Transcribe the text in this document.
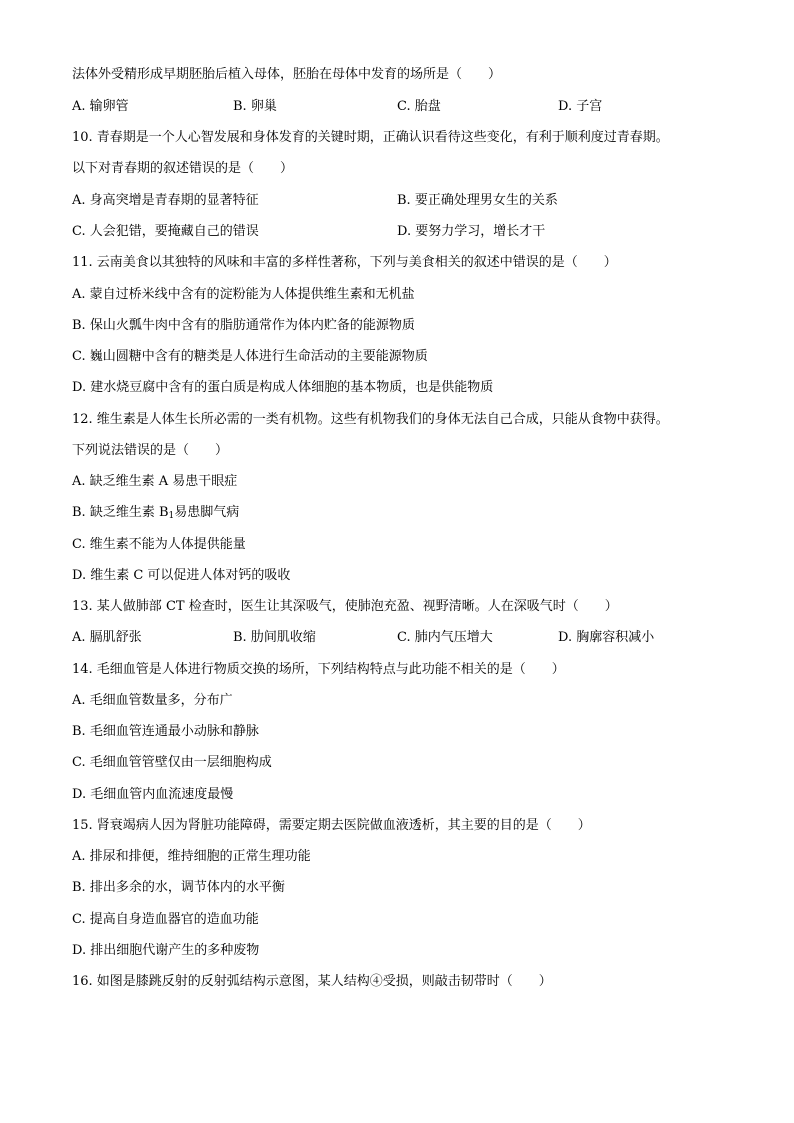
法体外受精形成早期胚胎后植入母体，胚胎在母体中发育的场所是（　　）
A. 输卵管	B. 卵巢	C. 胎盘	D. 子宫
10. 青春期是一个人心智发展和身体发育的关键时期，正确认识看待这些变化，有利于顺利度过青春期。
以下对青春期的叙述错误的是（　　）
A. 身高突增是青春期的显著特征	B. 要正确处理男女生的关系
C. 人会犯错，要掩藏自己的错误	D. 要努力学习，增长才干
11. 云南美食以其独特的风味和丰富的多样性著称，下列与美食相关的叙述中错误的是（　　）
A. 蒙自过桥米线中含有的淀粉能为人体提供维生素和无机盐
B. 保山火瓢牛肉中含有的脂肪通常作为体内贮备的能源物质
C. 巍山圆糖中含有的糖类是人体进行生命活动的主要能源物质
D. 建水烧豆腐中含有的蛋白质是构成人体细胞的基本物质，也是供能物质
12. 维生素是人体生长所必需的一类有机物。这些有机物我们的身体无法自己合成，只能从食物中获得。
下列说法错误的是（　　）
A. 缺乏维生素 A 易患干眼症
B. 缺乏维生素 $B_1$易患脚气病
C. 维生素不能为人体提供能量
D. 维生素 C 可以促进人体对钙的吸收
13. 某人做肺部 CT 检查时，医生让其深吸气，使肺泡充盈、视野清晰。人在深吸气时（　　）
A. 膈肌舒张	B. 肋间肌收缩	C. 肺内气压增大	D. 胸廓容积减小
14. 毛细血管是人体进行物质交换的场所，下列结构特点与此功能不相关的是（　　）
A. 毛细血管数量多，分布广
B. 毛细血管连通最小动脉和静脉
C. 毛细血管管壁仅由一层细胞构成
D. 毛细血管内血流速度最慢
15. 肾衰竭病人因为肾脏功能障碍，需要定期去医院做血液透析，其主要的目的是（　　）
A. 排尿和排便，维持细胞的正常生理功能
B. 排出多余的水，调节体内的水平衡
C. 提高自身造血器官的造血功能
D. 排出细胞代谢产生的多种废物
16. 如图是膝跳反射的反射弧结构示意图，某人结构④受损，则敲击韧带时（　　）
